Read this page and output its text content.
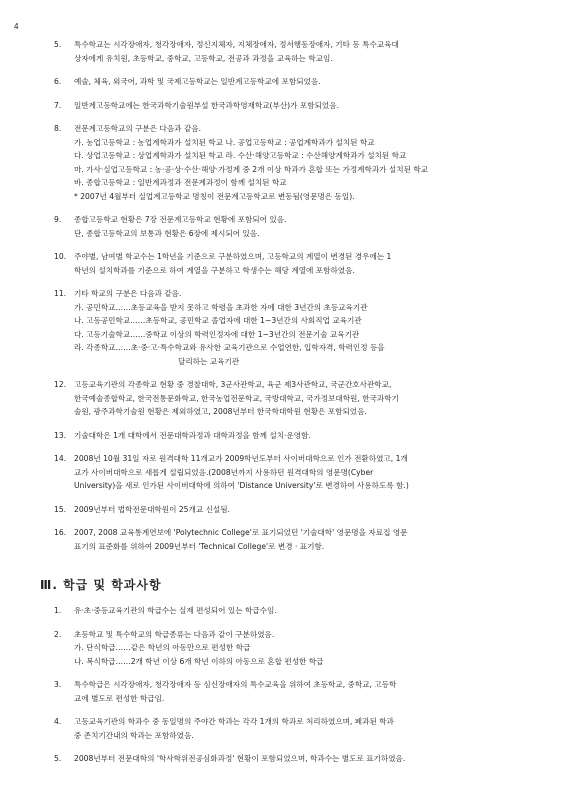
4
5.	특수학교는 시각장애자, 청각장애자, 정신지체자, 지체장애자, 정서행동장애자, 기타 등 특수교육대
상자에게 유치원, 초등학교, 중학교, 고등학교, 전공과 과정을 교육하는 학교임.
6.	예술, 체육, 외국어, 과학 및 국제고등학교는 일반계고등학교에 포함되었음.
7.	일반계고등학교에는 한국과학기술원부설 한국과학영재학교(부산)가 포함되었음.
8.	전문계고등학교의 구분은 다음과 같음.
가. 농업고등학교 : 농업계학과가 설치된 학교 나. 공업고등학교 : 공업계학과가 설치된 학교
다. 상업고등학교 : 상업계학과가 설치된 학교 라. 수산·해양고등학교 : 수산해양계학과가 설치된 학교
마. 가사·실업고등학교 : 농·공·상·수산·해양·가정계 중 2개 이상 학과가 혼합 또는 가정계학과가 설치된 학교
바. 종합고등학교 : 일반계과정과 전문계과정이 함께 설치된 학교
* 2007년 4월부터 실업계고등학교 명칭이 전문계고등학교로 변동됨(영문명은 동일).
9.	종합고등학교 현황은 7장 전문계고등학교 현황에 포함되어 있음.
단, 종합고등학교의 보통과 현황은 6장에 제시되어 있음.
10.	주야별, 남여별 학교수는 1학년을 기준으로 구분하였으며, 고등학교의 계열이 변경된 경우에는 1
학년의 설치학과를 기준으로 하여 계열을 구분하고 학생수는 해당 계열에 포함하였음.
11.	기타 학교의 구분은 다음과 같음.
가. 공민학교……초등교육을 받지 못하고 학령을 초과한 자에 대한 3년간의 초등교육기관
나. 고등공민학교……초등학교, 공민학교 졸업자에 대한 1~3년간의 사회직업 교육기관
다. 고등기술학교……중학교 이상의 학력인정자에 대한 1~3년간의 전문기술 교육기관
라. 각종학교……초·중·고·특수학교와 유사한 교육기관으로 수업연한, 입학자격, 학력인정 등을
달리하는 교육기관
12.	고등교육기관의 각종학교 현황 중 경찰대학, 3군사관학교, 육군 제3사관학교, 국군간호사관학교,
한국예술종합학교, 한국전통문화학교, 한국농업전문학교, 국방대학교, 국가정보대학원, 한국과학기
술원, 광주과학기술원 현황은 제외하였고, 2008년부터 한국학대학원 현황은 포함되었음.
13.	기술대학은 1개 대학에서 전문대학과정과 대학과정을 함께 설치·운영함.
14.	2008년 10월 31일 자로 원격대학 11개교가 2009학년도부터 사이버대학으로 인가 전환하였고, 1개
교가 사이버대학으로 새롭게 설립되었음.(2008년까지 사용하던 원격대학의 영문명(Cyber
University)을 새로 인가된 사이버대학에 의하여 'Distance University'로 변경하여 사용하도록 함.)
15.	2009년부터 법학전문대학원이 25개교 신설됨.
16.	2007, 2008 교육통계연보에 'Polytechnic College'로 표기되었던 '기술대학' 영문명을 자료집 영문
표기의 표준화를 위하여 2009년부터 'Technical College'로 변경 · 표기함.
Ⅲ. 학급 및 학과사항
1.	유·초·중등교육기관의 학급수는 실제 편성되어 있는 학급수임.
2.	초등학교 및 특수학교의 학급종류는 다음과 같이 구분하였음.
가. 단식학급……같은 학년의 아동만으로 편성한 학급
나. 복식학급……2개 학년 이상 6개 학년 이하의 아동으로 혼합 편성한 학급
3.	특수학급은 시각장애자, 청각장애자 등 심신장애자의 특수교육을 위하여 초등학교, 중학교, 고등학
교에 별도로 편성한 학급임.
4.	고등교육기관의 학과수 중 동일명의 주야간 학과는 각각 1개의 학과로 처리하였으며, 폐과된 학과
중 존치기간내의 학과는 포함하였음.
5.	2008년부터 전문대학의 '학사학위전공심화과정' 현황이 포함되었으며, 학과수는 별도로 표기하였음.
